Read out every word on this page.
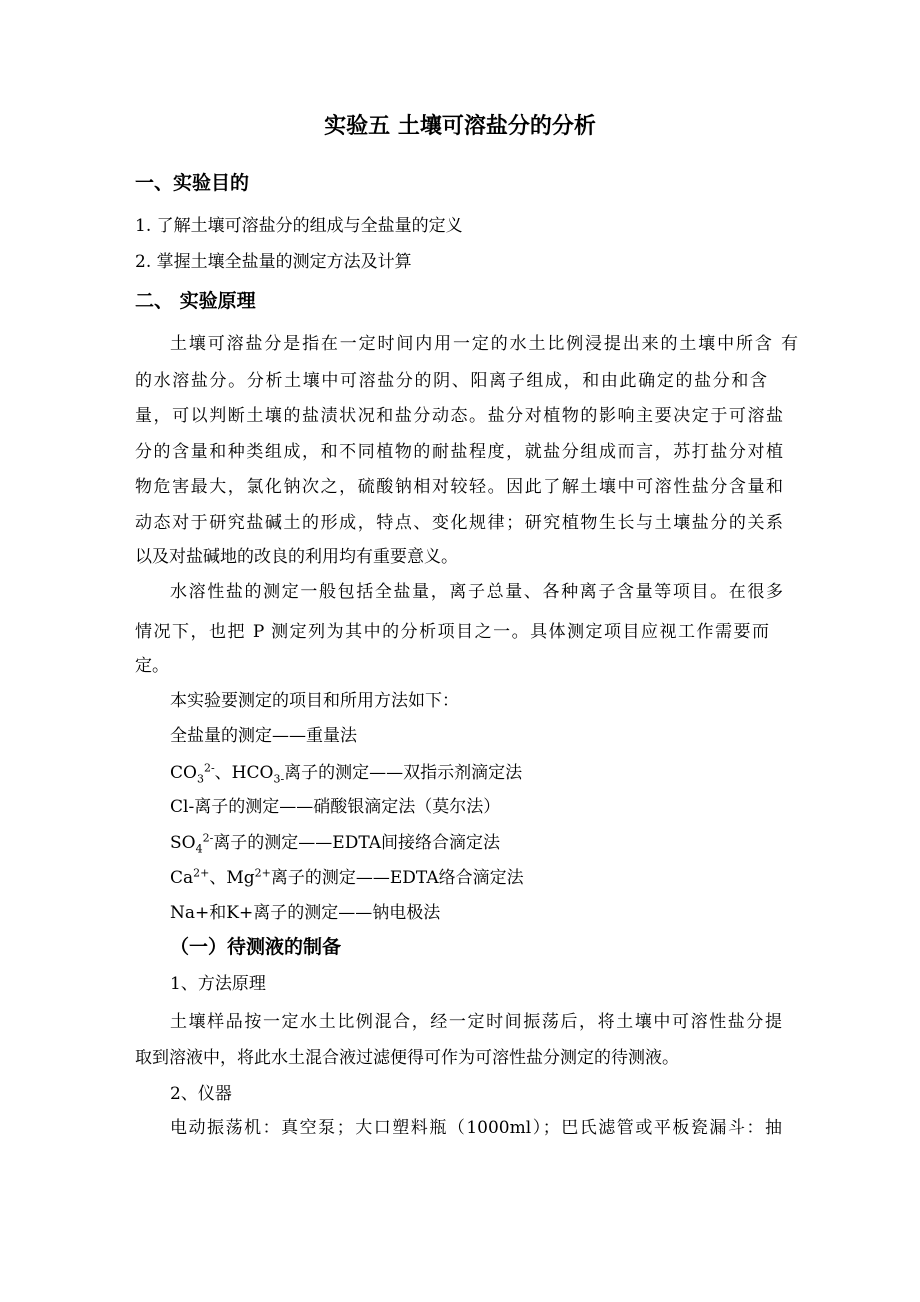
实验五 土壤可溶盐分的分析
一、实验目的
1. 了解土壤可溶盐分的组成与全盐量的定义
2. 掌握土壤全盐量的测定方法及计算
二、 实验原理
土壤可溶盐分是指在一定时间内用一定的水土比例浸提出来的土壤中所含 有
的水溶盐分。分析土壤中可溶盐分的阴、阳离子组成，和由此确定的盐分和含
量，可以判断土壤的盐渍状况和盐分动态。盐分对植物的影响主要决定于可溶盐
分的含量和种类组成，和不同植物的耐盐程度，就盐分组成而言，苏打盐分对植
物危害最大，氯化钠次之，硫酸钠相对较轻。因此了解土壤中可溶性盐分含量和
动态对于研究盐碱土的形成，特点、变化规律；研究植物生长与土壤盐分的关系
以及对盐碱地的改良的利用均有重要意义。
水溶性盐的测定一般包括全盐量，离子总量、各种离子含量等项目。在很多
情况下，也把 P 测定列为其中的分析项目之一。具体测定项目应视工作需要而
定。
本实验要测定的项目和所用方法如下：
全盐量的测定——重量法
$CO_3^{2-}$、$HCO_{3-}$离子的测定——双指示剂滴定法
Cl-离子的测定——硝酸银滴定法（莫尔法）
$SO_4^{2-}$离子的测定——EDTA间接络合滴定法
$Ca^{2+}$、$Mg^{2+}$离子的测定——EDTA络合滴定法
Na+和K+离子的测定——钠电极法
（一）待测液的制备
1、方法原理
土壤样品按一定水土比例混合，经一定时间振荡后，将土壤中可溶性盐分提
取到溶液中，将此水土混合液过滤便得可作为可溶性盐分测定的待测液。
2、仪器
电动振荡机：真空泵；大口塑料瓶（1000ml）；巴氏滤管或平板瓷漏斗：抽
